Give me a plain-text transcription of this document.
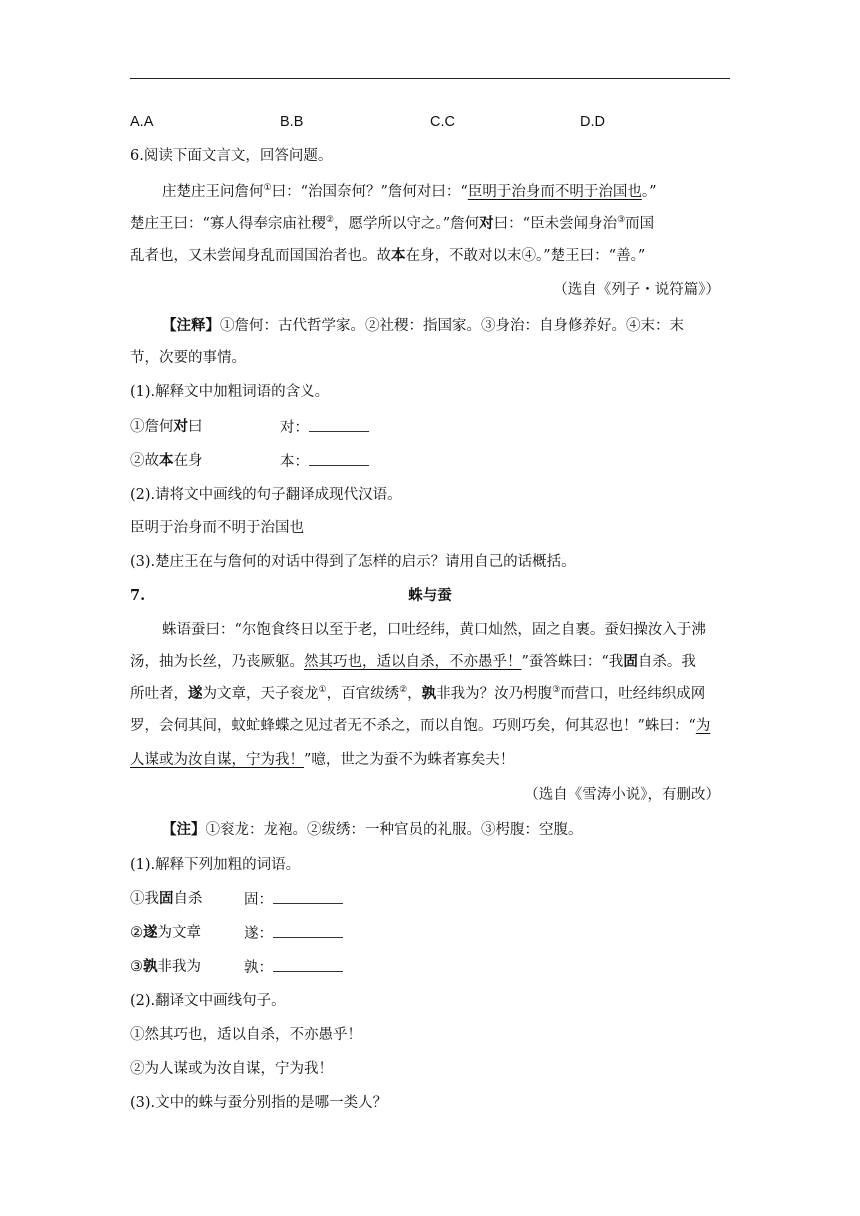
A.A	B.B	C.C	D.D
6.阅读下面文言文，回答问题。
庄楚庄王问詹何①曰：“治国奈何？”詹何对曰：“臣明于治身而不明于治国也。”
楚庄王曰：“寡人得奉宗庙社稷②，愿学所以守之。”詹何对曰：“臣未尝闻身治③而国
乱者也，又未尝闻身乱而国国治者也。故本在身，不敢对以末④。”楚王曰：“善。”
（选自《列子・说符篇》）
【注释】①詹何：古代哲学家。②社稷：指国家。③身治：自身修养好。④末：末
节，次要的事情。
(1).解释文中加粗词语的含义。
①詹何对曰	对：
②故本在身	本：
(2).请将文中画线的句子翻译成现代汉语。
臣明于治身而不明于治国也
(3).楚庄王在与詹何的对话中得到了怎样的启示？请用自己的话概括。
7.	蛛与蚕
蛛语蚕曰：“尔饱食终日以至于老，口吐经纬，黄口灿然，固之自裹。蚕妇操汝入于沸
汤，抽为长丝，乃丧厥躯。然其巧也，适以自杀，不亦愚乎！”蚕答蛛曰：“我固自杀。我
所吐者，遂为文章，天子衮龙①，百官绂绣②，孰非我为？汝乃枵腹③而营口，吐经纬织成网
罗，会伺其间，蚊虻蜂蝶之见过者无不杀之，而以自饱。巧则巧矣，何其忍也！”蛛曰：“为
人谋或为汝自谋，宁为我！”噫，世之为蚕不为蛛者寡矣夫！
（选自《雪涛小说》，有删改）
【注】①衮龙：龙袍。②绂绣：一种官员的礼服。③枵腹：空腹。
(1).解释下列加粗的词语。
①我固自杀	固：
②遂为文章	遂：
③孰非我为	孰：
(2).翻译文中画线句子。
①然其巧也，适以自杀，不亦愚乎！
②为人谋或为汝自谋，宁为我！
(3).文中的蛛与蚕分别指的是哪一类人？
